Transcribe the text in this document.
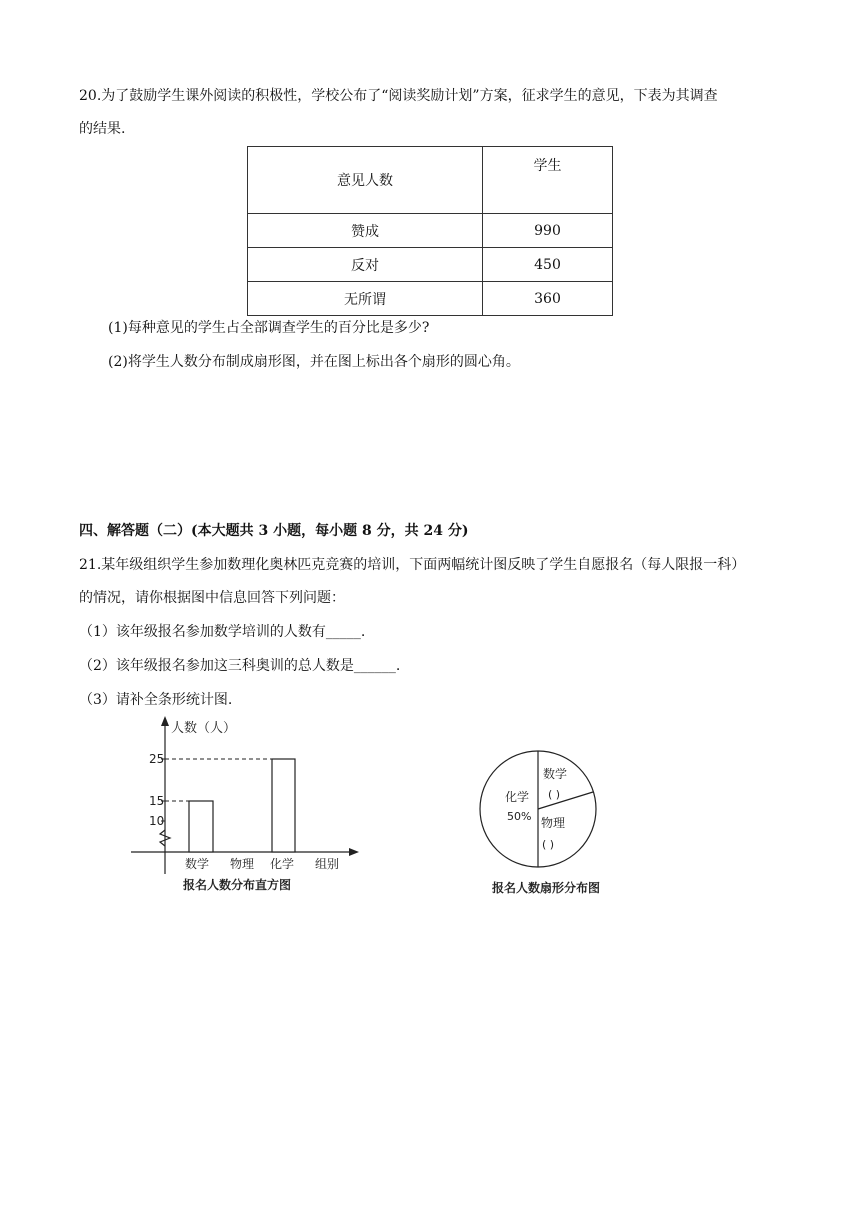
20.为了鼓励学生课外阅读的积极性，学校公布了“阅读奖励计划”方案，征求学生的意见，下表为其调查
的结果.
意见人数	学生
赞成	990
反对	450
无所谓	360
(1)每种意见的学生占全部调查学生的百分比是多少?
(2)将学生人数分布制成扇形图，并在图上标出各个扇形的圆心角。
四、解答题（二）(本大题共 3 小题，每小题 8 分，共 24 分)
21.某年级组织学生参加数理化奥林匹克竞赛的培训，下面两幅统计图反映了学生自愿报名（每人限报一科）
的情况，请你根据图中信息回答下列问题：
（1）该年级报名参加数学培训的人数有_____.
（2）该年级报名参加这三科奥训的总人数是______.
（3）请补全条形统计图.
人数（人）
25
15
10
数学 物理 化学 组别
报名人数分布直方图
化学
50%
数学
( )
物理
( )
报名人数扇形分布图
